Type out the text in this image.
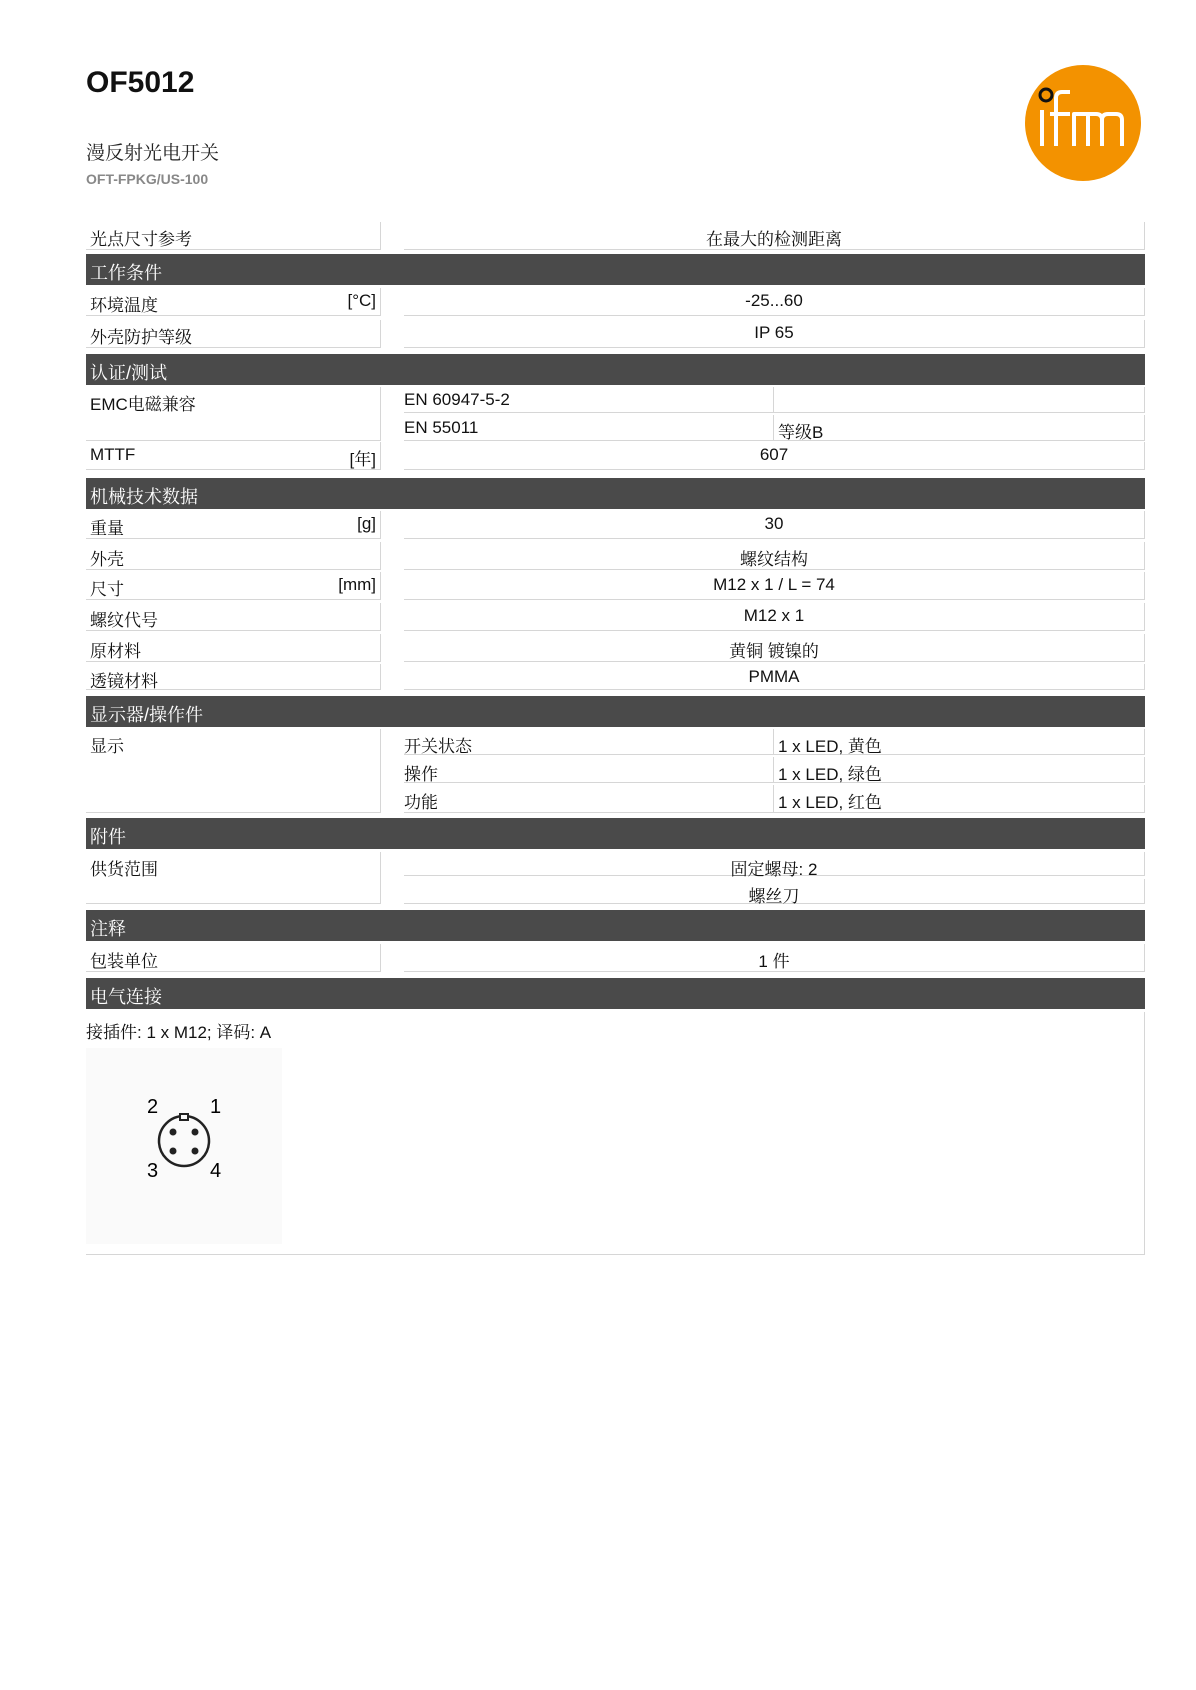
OF5012
漫反射光电开关
OFT-FPKG/US-100
光点尺寸参考	在最大的检测距离
工作条件
环境温度	[°C]	-25...60
外壳防护等级	IP 65
认证/测试
EMC电磁兼容	EN 60947-5-2
EN 55011	等级B
MTTF	[年]	607
机械技术数据
重量	[g]	30
外壳	螺纹结构
尺寸	[mm]	M12 x 1 / L = 74
螺纹代号	M12 x 1
原材料	黄铜 镀镍的
透镜材料	PMMA
显示器/操作件
显示	开关状态	1 x LED, 黄色
操作	1 x LED, 绿色
功能	1 x LED, 红色
附件
供货范围	固定螺母: 2
螺丝刀
注释
包装单位	1 件
电气连接
接插件: 1 x M12; 译码: A
1
2
3	4
